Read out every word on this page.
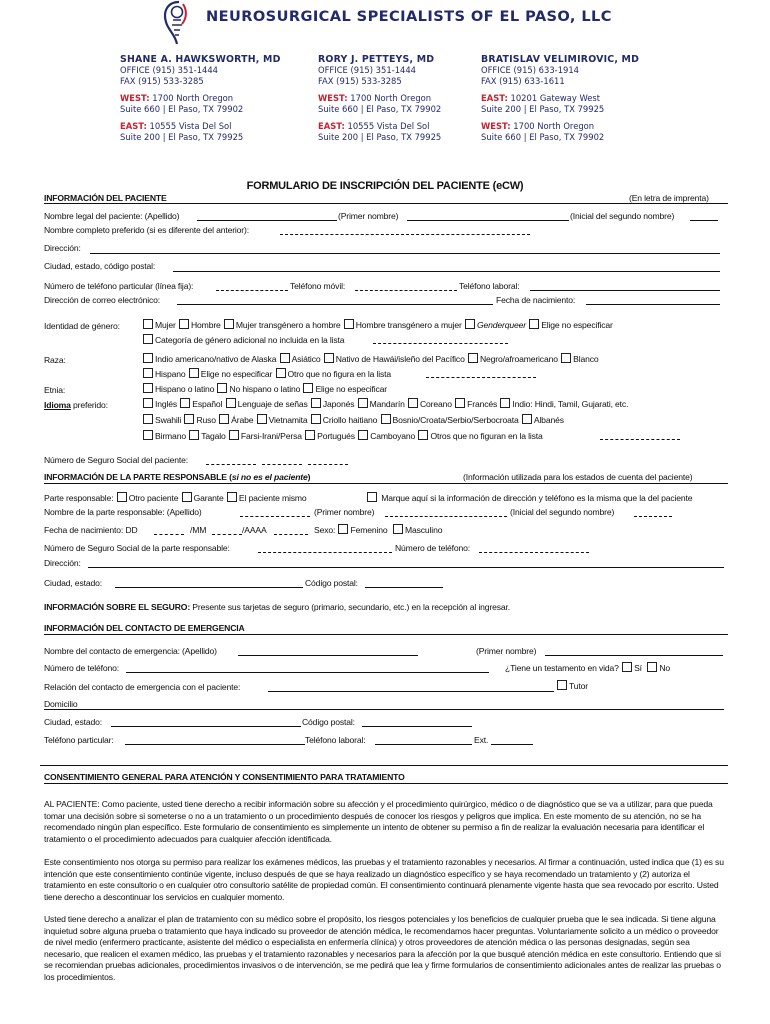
NEUROSURGICAL SPECIALISTS OF EL PASO, LLC
SHANE A. HAWKSWORTH, MD
OFFICE (915) 351-1444
FAX (915) 533-3285
WEST: 1700 North Oregon
Suite 660 | El Paso, TX 79902
EAST: 10555 Vista Del Sol
Suite 200 | El Paso, TX 79925
RORY J. PETTEYS, MD
OFFICE (915) 351-1444
FAX (915) 533-3285
WEST: 1700 North Oregon
Suite 660 | El Paso, TX 79902
EAST: 10555 Vista Del Sol
Suite 200 | El Paso, TX 79925
BRATISLAV VELIMIROVIC, MD
OFFICE (915) 633-1914
FAX (915) 633-1611
EAST: 10201 Gateway West
Suite 200 | El Paso, TX 79925
WEST: 1700 North Oregon
Suite 660 | El Paso, TX 79902
FORMULARIO DE INSCRIPCIÓN DEL PACIENTE (eCW)
INFORMACIÓN DEL PACIENTE	(En letra de imprenta)
Nombre legal del paciente: (Apellido)	(Primer nombre)	(Inicial del segundo nombre)
Nombre completo preferido (si es diferente del anterior):
Dirección:
Ciudad, estado, código postal:
Número de teléfono particular (línea fija):	Teléfono móvil:	Teléfono laboral:
Dirección de correo electrónico:	Fecha de nacimiento:
Identidad de género:	Mujer Hombre Mujer transgénero a hombre Hombre transgénero a mujer Genderqueer Elige no especificar
Categoría de género adicional no incluida en la lista
Raza:	Indio americano/nativo de Alaska Asiático Nativo de Hawái/isleño del Pacífico Negro/afroamericano Blanco
Hispano Elige no especificar Otro que no figura en la lista
Etnia:	Hispano o latino No hispano o latino Elige no especificar
Idioma preferido:	Inglés Español Lenguaje de señas Japonés Mandarín Coreano Francés Indio: Hindi, Tamil, Gujarati, etc.
Swahili Ruso Árabe Vietnamita Criollo haitiano Bosnio/Croata/Serbio/Serbocroata Albanés
Birmano Tagalo Farsi-Irani/Persa Portugués Camboyano Otros que no figuran en la lista
Número de Seguro Social del paciente:
INFORMACIÓN DE LA PARTE RESPONSABLE (si no es el paciente)	(Información utilizada para los estados de cuenta del paciente)
Parte responsable: Otro paciente Garante El paciente mismo	Marque aquí si la información de dirección y teléfono es la misma que la del paciente
Nombre de la parte responsable: (Apellido)	(Primer nombre)	(Inicial del segundo nombre)
Fecha de nacimiento: DD	/MM	/AAAA	Sexo: Femenino Masculino
Número de Seguro Social de la parte responsable:	Número de teléfono:
Dirección:
Ciudad, estado:	Código postal:
INFORMACIÓN SOBRE EL SEGURO: Presente sus tarjetas de seguro (primario, secundario, etc.) en la recepción al ingresar.
INFORMACIÓN DEL CONTACTO DE EMERGENCIA
Nombre del contacto de emergencia: (Apellido)	(Primer nombre)
Número de teléfono:	¿Tiene un testamento en vida? Sí No
Relación del contacto de emergencia con el paciente:	Tutor
Domicilio
Ciudad, estado:	Código postal:
Teléfono particular:	Teléfono laboral:	Ext.
CONSENTIMIENTO GENERAL PARA ATENCIÓN Y CONSENTIMIENTO PARA TRATAMIENTO
AL PACIENTE: Como paciente, usted tiene derecho a recibir información sobre su afección y el procedimiento quirúrgico, médico o de diagnóstico que se va a utilizar, para que pueda tomar una decisión sobre si someterse o no a un tratamiento o un procedimiento después de conocer los riesgos y peligros que implica. En este momento de su atención, no se ha recomendado ningún plan específico. Este formulario de consentimiento es simplemente un intento de obtener su permiso a fin de realizar la evaluación necesaria para identificar el tratamiento o el procedimiento adecuados para cualquier afección identificada.
Este consentimiento nos otorga su permiso para realizar los exámenes médicos, las pruebas y el tratamiento razonables y necesarios. Al firmar a continuación, usted indica que (1) es su intención que este consentimiento continúe vigente, incluso después de que se haya realizado un diagnóstico específico y se haya recomendado un tratamiento y (2) autoriza el tratamiento en este consultorio o en cualquier otro consultorio satélite de propiedad común. El consentimiento continuará plenamente vigente hasta que sea revocado por escrito. Usted tiene derecho a descontinuar los servicios en cualquier momento.
Usted tiene derecho a analizar el plan de tratamiento con su médico sobre el propósito, los riesgos potenciales y los beneficios de cualquier prueba que le sea indicada. Si tiene alguna inquietud sobre alguna prueba o tratamiento que haya indicado su proveedor de atención médica, le recomendamos hacer preguntas. Voluntariamente solicito a un médico o proveedor de nivel medio (enfermero practicante, asistente del médico o especialista en enfermería clínica) y otros proveedores de atención médica o las personas designadas, según sea necesario, que realicen el examen médico, las pruebas y el tratamiento razonables y necesarios para la afección por la que busqué atención médica en este consultorio. Entiendo que si se recomiendan pruebas adicionales, procedimientos invasivos o de intervención, se me pedirá que lea y firme formularios de consentimiento adicionales antes de realizar las pruebas o los procedimientos.
